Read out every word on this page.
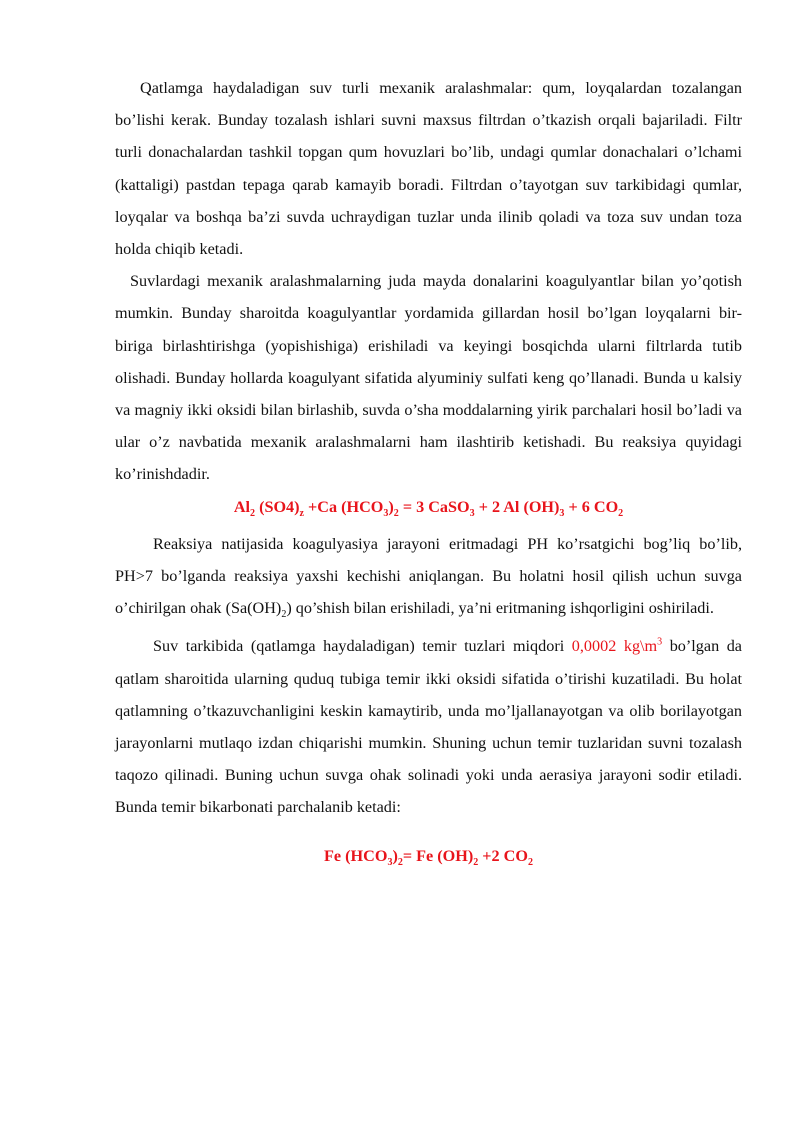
Qatlamga haydaladigan suv turli mexanik aralashmalar: qum, loyqalardan tozalangan bo’lishi kerak. Bunday tozalash ishlari suvni maxsus filtrdan o’tkazish orqali bajariladi. Filtr turli donachalardan tashkil topgan qum hovuzlari bo’lib, undagi qumlar donachalari o’lchami (kattaligi) pastdan tepaga qarab kamayib boradi. Filtrdan o’tayotgan suv tarkibidagi qumlar, loyqalar va boshqa ba’zi suvda uchraydigan tuzlar unda ilinib qoladi va toza suv undan toza holda chiqib ketadi.

Suvlardagi mexanik aralashmalarning juda mayda donalarini koagulyantlar bilan yo’qotish mumkin. Bunday sharoitda koagulyantlar yordamida gillardan hosil bo’lgan loyqalarni bir-biriga birlashtirishga (yopishishiga) erishiladi va keyingi bosqichda ularni filtrlarda tutib olishadi. Bunday hollarda koagulyant sifatida alyuminiy sulfati keng qo’llanadi. Bunda u kalsiy va magniy ikki oksidi bilan birlashib, suvda o’sha moddalarning yirik parchalari hosil bo’ladi va ular o’z navbatida mexanik aralashmalarni ham ilashtirib ketishadi. Bu reaksiya quyidagi ko’rinishdadir.

$Al_2$ $(SO4)_z +Ca$ $(HCO_3)_2 = 3$ CaSO$_3$ + 2 Al $(OH)_3 + 6$ $CO_2$

Reaksiya natijasida koagulyasiya jarayoni eritmadagi PH ko’rsatgichi bog’liq bo’lib, PH>7 bo’lganda reaksiya yaxshi kechishi aniqlangan. Bu holatni hosil qilish uchun suvga o’chirilgan ohak $(Sa(OH)_2)$ qo’shish bilan erishiladi, ya’ni eritmaning ishqorligini oshiriladi.

Suv tarkibida (qatlamga haydaladigan) temir tuzlari miqdori 0,0002 $kg\backslash m^3$ bo’lgan da qatlam sharoitida ularning quduq tubiga temir ikki oksidi sifatida o’tirishi kuzatiladi. Bu holat qatlamning o’tkazuvchanligini keskin kamaytirib, unda mo’ljallanayotgan va olib borilayotgan jarayonlarni mutlaqo izdan chiqarishi mumkin. Shuning uchun temir tuzlaridan suvni tozalash taqozo qilinadi. Buning uchun suvga ohak solinadi yoki unda aerasiya jarayoni sodir etiladi. Bunda temir bikarbonati parchalanib ketadi:

Fe $(HCO_3)_2= Fe$ $(OH)_2 +2$ $CO_2$
